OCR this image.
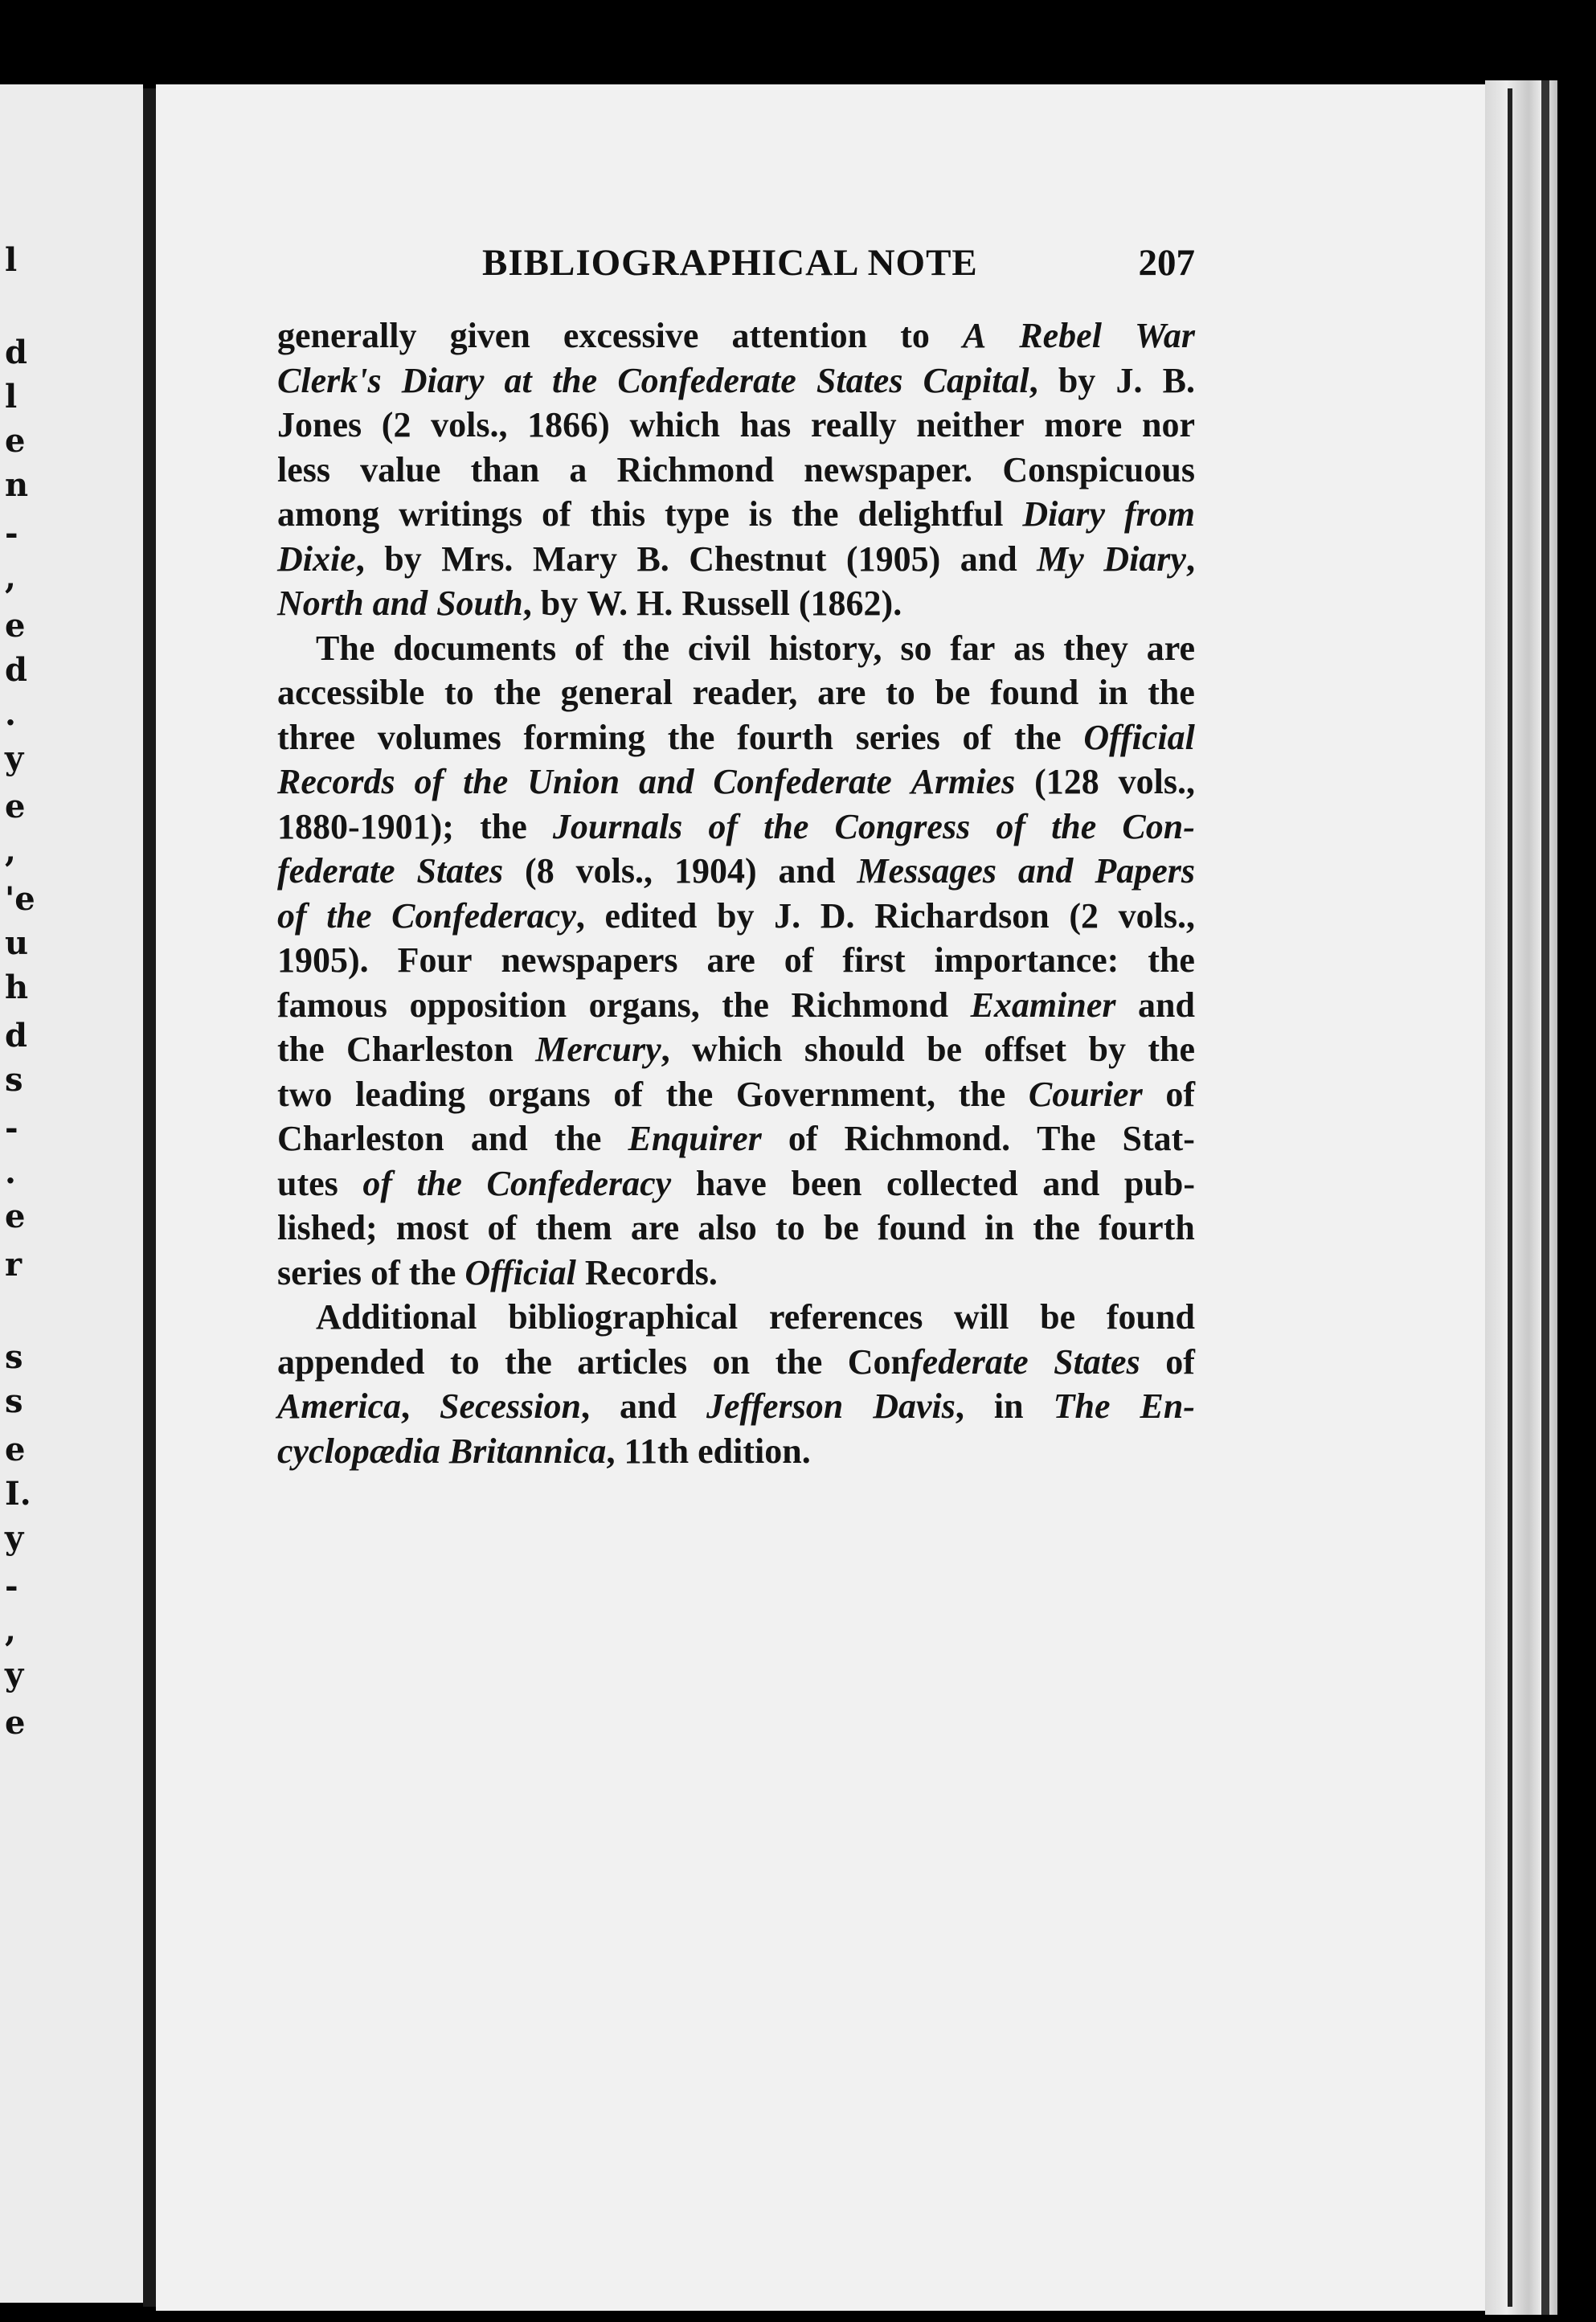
l
d
l
e
n
-
,
e
d
.
y
e
,
'e
u
h
d
s
-
.
e
r
s
s
e
I.
y
-
,
y
e
BIBLIOGRAPHICAL NOTE	207
generally given excessive attention to A Rebel War
Clerk's Diary at the Confederate States Capital, by J. B.
Jones (2 vols., 1866) which has really neither more nor
less value than a Richmond newspaper. Conspicuous
among writings of this type is the delightful Diary from
Dixie, by Mrs. Mary B. Chestnut (1905) and My Diary,
North and South, by W. H. Russell (1862).
The documents of the civil history, so far as they are
accessible to the general reader, are to be found in the
three volumes forming the fourth series of the Official
Records of the Union and Confederate Armies (128 vols.,
1880-1901); the Journals of the Congress of the Con-
federate States (8 vols., 1904) and Messages and Papers
of the Confederacy, edited by J. D. Richardson (2 vols.,
1905). Four newspapers are of first importance: the
famous opposition organs, the Richmond Examiner and
the Charleston Mercury, which should be offset by the
two leading organs of the Government, the Courier of
Charleston and the Enquirer of Richmond. The Stat-
utes of the Confederacy have been collected and pub-
lished; most of them are also to be found in the fourth
series of the Official Records.
Additional bibliographical references will be found
appended to the articles on the Confederate States of
America, Secession, and Jefferson Davis, in The En-
cyclopædia Britannica, 11th edition.
